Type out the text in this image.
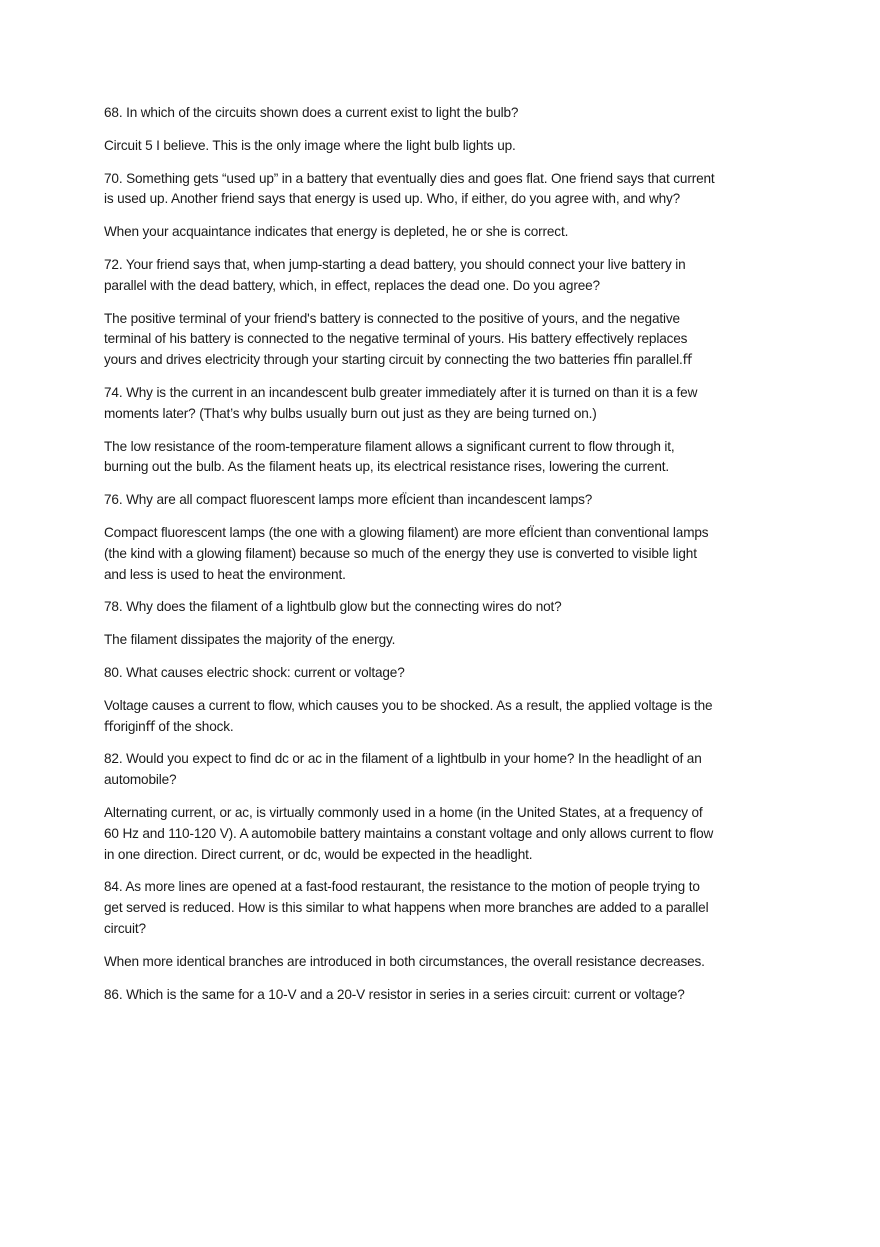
68. In which of the circuits shown does a current exist to light the bulb?

Circuit 5 I believe. This is the only image where the light bulb lights up.

70. Something gets “used up” in a battery that eventually dies and goes flat. One friend says that current
is used up. Another friend says that energy is used up. Who, if either, do you agree with, and why?

When your acquaintance indicates that energy is depleted, he or she is correct.

72. Your friend says that, when jump-starting a dead battery, you should connect your live battery in
parallel with the dead battery, which, in effect, replaces the dead one. Do you agree?

The positive terminal of your friend's battery is connected to the positive of yours, and the negative
terminal of his battery is connected to the negative terminal of yours. His battery effectively replaces
yours and drives electricity through your starting circuit by connecting the two batteries ﬀin parallel.ﬀ

74. Why is the current in an incandescent bulb greater immediately after it is turned on than it is a few
moments later? (That’s why bulbs usually burn out just as they are being turned on.)

The low resistance of the room-temperature filament allows a significant current to flow through it,
burning out the bulb. As the filament heats up, its electrical resistance rises, lowering the current.

76. Why are all compact fluorescent lamps more efÏcient than incandescent lamps?

Compact fluorescent lamps (the one with a glowing filament) are more efÏcient than conventional lamps
(the kind with a glowing filament) because so much of the energy they use is converted to visible light
and less is used to heat the environment.

78. Why does the filament of a lightbulb glow but the connecting wires do not?

The filament dissipates the majority of the energy.

80. What causes electric shock: current or voltage?

Voltage causes a current to flow, which causes you to be shocked. As a result, the applied voltage is the
ﬀoriginﬀ of the shock.

82. Would you expect to find dc or ac in the filament of a lightbulb in your home? In the headlight of an
automobile?

Alternating current, or ac, is virtually commonly used in a home (in the United States, at a frequency of
60 Hz and 110-120 V). A automobile battery maintains a constant voltage and only allows current to flow
in one direction. Direct current, or dc, would be expected in the headlight.

84. As more lines are opened at a fast-food restaurant, the resistance to the motion of people trying to
get served is reduced. How is this similar to what happens when more branches are added to a parallel
circuit?

When more identical branches are introduced in both circumstances, the overall resistance decreases.

86. Which is the same for a 10-V and a 20-V resistor in series in a series circuit: current or voltage?
